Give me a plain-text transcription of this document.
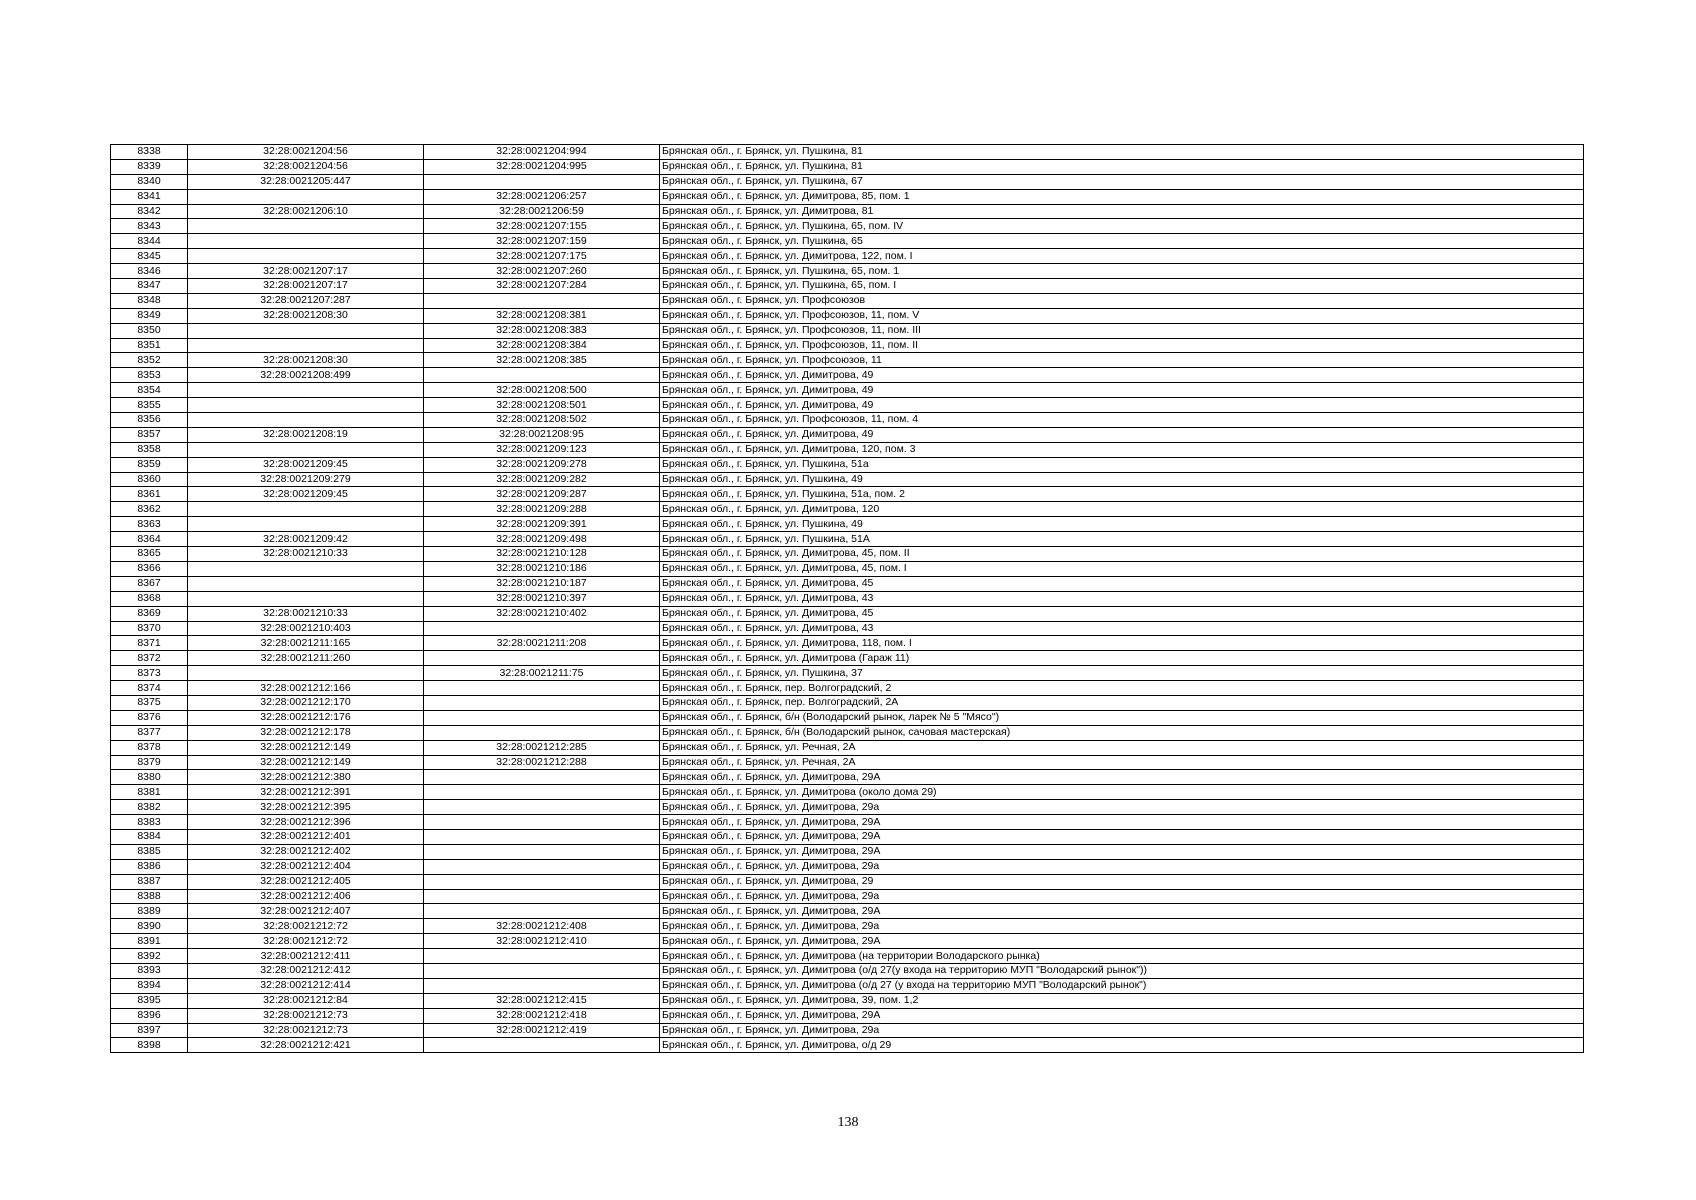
8338	32:28:0021204:56	32:28:0021204:994	Брянская обл., г. Брянск, ул. Пушкина, 81
8339	32:28:0021204:56	32:28:0021204:995	Брянская обл., г. Брянск, ул. Пушкина, 81
8340	32:28:0021205:447		Брянская обл., г. Брянск, ул. Пушкина, 67
8341		32:28:0021206:257	Брянская обл., г. Брянск, ул. Димитрова, 85, пом. 1
8342	32:28:0021206:10	32:28:0021206:59	Брянская обл., г. Брянск, ул. Димитрова, 81
8343		32:28:0021207:155	Брянская обл., г. Брянск, ул. Пушкина, 65, пом. IV
8344		32:28:0021207:159	Брянская обл., г. Брянск, ул. Пушкина, 65
8345		32:28:0021207:175	Брянская обл., г. Брянск, ул. Димитрова, 122, пом. I
8346	32:28:0021207:17	32:28:0021207:260	Брянская обл., г. Брянск, ул. Пушкина, 65, пом. 1
8347	32:28:0021207:17	32:28:0021207:284	Брянская обл., г. Брянск, ул. Пушкина, 65, пом. I
8348	32:28:0021207:287		Брянская обл., г. Брянск, ул. Профсоюзов
8349	32:28:0021208:30	32:28:0021208:381	Брянская обл., г. Брянск, ул. Профсоюзов, 11, пом. V
8350		32:28:0021208:383	Брянская обл., г. Брянск, ул. Профсоюзов, 11, пом. III
8351		32:28:0021208:384	Брянская обл., г. Брянск, ул. Профсоюзов, 11, пом. II
8352	32:28:0021208:30	32:28:0021208:385	Брянская обл., г. Брянск, ул. Профсоюзов, 11
8353	32:28:0021208:499		Брянская обл., г. Брянск, ул. Димитрова, 49
8354		32:28:0021208:500	Брянская обл., г. Брянск, ул. Димитрова, 49
8355		32:28:0021208:501	Брянская обл., г. Брянск, ул. Димитрова, 49
8356		32:28:0021208:502	Брянская обл., г. Брянск, ул. Профсоюзов, 11, пом. 4
8357	32:28:0021208:19	32:28:0021208:95	Брянская обл., г. Брянск, ул. Димитрова, 49
8358		32:28:0021209:123	Брянская обл., г. Брянск, ул. Димитрова, 120, пом. 3
8359	32:28:0021209:45	32:28:0021209:278	Брянская обл., г. Брянск, ул. Пушкина, 51а
8360	32:28:0021209:279	32:28:0021209:282	Брянская обл., г. Брянск, ул. Пушкина, 49
8361	32:28:0021209:45	32:28:0021209:287	Брянская обл., г. Брянск, ул. Пушкина, 51а, пом. 2
8362		32:28:0021209:288	Брянская обл., г. Брянск, ул. Димитрова, 120
8363		32:28:0021209:391	Брянская обл., г. Брянск, ул. Пушкина, 49
8364	32:28:0021209:42	32:28:0021209:498	Брянская обл., г. Брянск, ул. Пушкина, 51А
8365	32:28:0021210:33	32:28:0021210:128	Брянская обл., г. Брянск, ул. Димитрова, 45, пом. II
8366		32:28:0021210:186	Брянская обл., г. Брянск, ул. Димитрова, 45, пом. I
8367		32:28:0021210:187	Брянская обл., г. Брянск, ул. Димитрова, 45
8368		32:28:0021210:397	Брянская обл., г. Брянск, ул. Димитрова, 43
8369	32:28:0021210:33	32:28:0021210:402	Брянская обл., г. Брянск, ул. Димитрова, 45
8370	32:28:0021210:403		Брянская обл., г. Брянск, ул. Димитрова, 43
8371	32:28:0021211:165	32:28:0021211:208	Брянская обл., г. Брянск, ул. Димитрова, 118, пом. I
8372	32:28:0021211:260		Брянская обл., г. Брянск, ул. Димитрова (Гараж 11)
8373		32:28:0021211:75	Брянская обл., г. Брянск, ул. Пушкина, 37
8374	32:28:0021212:166		Брянская обл., г. Брянск, пер. Волгоградский, 2
8375	32:28:0021212:170		Брянская обл., г. Брянск, пер. Волгоградский, 2А
8376	32:28:0021212:176		Брянская обл., г. Брянск, б/н (Володарский рынок, ларек № 5 "Мясо")
8377	32:28:0021212:178		Брянская обл., г. Брянск, б/н (Володарский рынок, сачовая мастерская)
8378	32:28:0021212:149	32:28:0021212:285	Брянская обл., г. Брянск, ул. Речная, 2А
8379	32:28:0021212:149	32:28:0021212:288	Брянская обл., г. Брянск, ул. Речная, 2А
8380	32:28:0021212:380		Брянская обл., г. Брянск, ул. Димитрова, 29А
8381	32:28:0021212:391		Брянская обл., г. Брянск, ул. Димитрова (около дома 29)
8382	32:28:0021212:395		Брянская обл., г. Брянск, ул. Димитрова, 29а
8383	32:28:0021212:396		Брянская обл., г. Брянск, ул. Димитрова, 29А
8384	32:28:0021212:401		Брянская обл., г. Брянск, ул. Димитрова, 29А
8385	32:28:0021212:402		Брянская обл., г. Брянск, ул. Димитрова, 29А
8386	32:28:0021212:404		Брянская обл., г. Брянск, ул. Димитрова, 29а
8387	32:28:0021212:405		Брянская обл., г. Брянск, ул. Димитрова, 29
8388	32:28:0021212:406		Брянская обл., г. Брянск, ул. Димитрова, 29а
8389	32:28:0021212:407		Брянская обл., г. Брянск, ул. Димитрова, 29А
8390	32:28:0021212:72	32:28:0021212:408	Брянская обл., г. Брянск, ул. Димитрова, 29а
8391	32:28:0021212:72	32:28:0021212:410	Брянская обл., г. Брянск, ул. Димитрова, 29А
8392	32:28:0021212:411		Брянская обл., г. Брянск, ул. Димитрова (на территории Володарского рынка)
8393	32:28:0021212:412		Брянская обл., г. Брянск, ул. Димитрова (о/д 27(у входа на территорию МУП "Володарский рынок"))
8394	32:28:0021212:414		Брянская обл., г. Брянск, ул. Димитрова (о/д 27 (у входа на территорию МУП "Володарский рынок")
8395	32:28:0021212:84	32:28:0021212:415	Брянская обл., г. Брянск, ул. Димитрова, 39, пом. 1,2
8396	32:28:0021212:73	32:28:0021212:418	Брянская обл., г. Брянск, ул. Димитрова, 29А
8397	32:28:0021212:73	32:28:0021212:419	Брянская обл., г. Брянск, ул. Димитрова, 29а
8398	32:28:0021212:421		Брянская обл., г. Брянск, ул. Димитрова, о/д 29
138
